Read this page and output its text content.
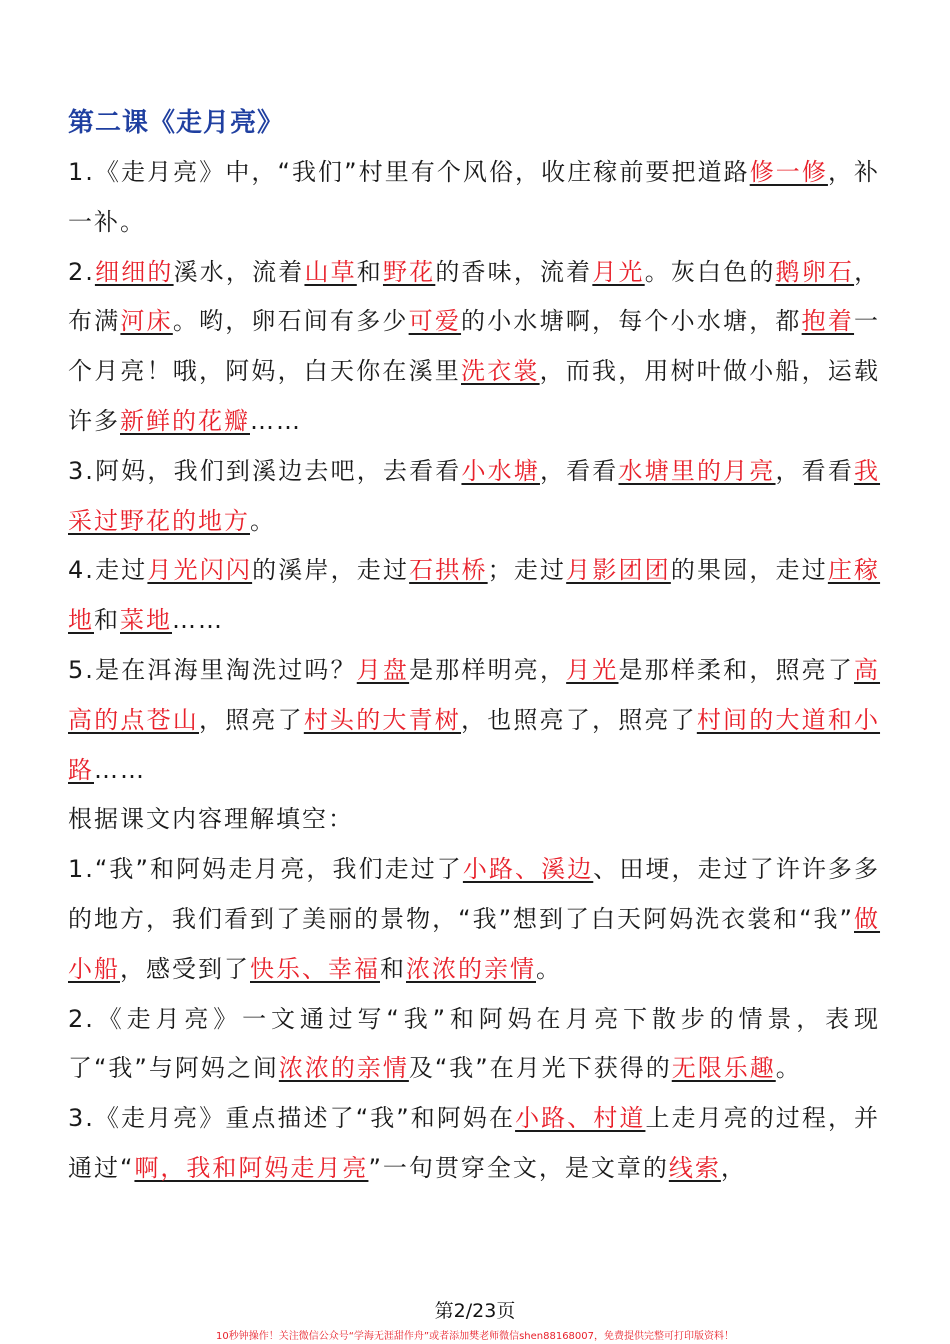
第二课《走月亮》

1.《走月亮》中，“我们”村里有个风俗，收庄稼前要把道路修一修，补一补。

2.细细的溪水，流着山草和野花的香味，流着月光。灰白色的鹅卵石，布满河床。哟，卵石间有多少可爱的小水塘啊，每个小水塘，都抱着一个月亮！哦，阿妈，白天你在溪里洗衣裳，而我，用树叶做小船，运载许多新鲜的花瓣……

3.阿妈，我们到溪边去吧，去看看小水塘，看看水塘里的月亮，看看我采过野花的地方。

4.走过月光闪闪的溪岸，走过石拱桥；走过月影团团的果园，走过庄稼地和菜地……

5.是在洱海里淘洗过吗？月盘是那样明亮，月光是那样柔和，照亮了高高的点苍山，照亮了村头的大青树，也照亮了，照亮了村间的大道和小路……

根据课文内容理解填空：

1.“我”和阿妈走月亮，我们走过了小路、溪边、田埂，走过了许许多多的地方，我们看到了美丽的景物，“我”想到了白天阿妈洗衣裳和“我”做小船，感受到了快乐、幸福和浓浓的亲情。

2.《走月亮》一文通过写“我”和阿妈在月亮下散步的情景，表现了“我”与阿妈之间浓浓的亲情及“我”在月光下获得的无限乐趣。

3.《走月亮》重点描述了“我”和阿妈在小路、村道上走月亮的过程，并通过“啊，我和阿妈走月亮”一句贯穿全文，是文章的线索，

第2/23页
10秒钟操作！关注微信公众号“学海无涯甜作舟”或者添加樊老师微信shen88168007，免费提供完整可打印版资料！
